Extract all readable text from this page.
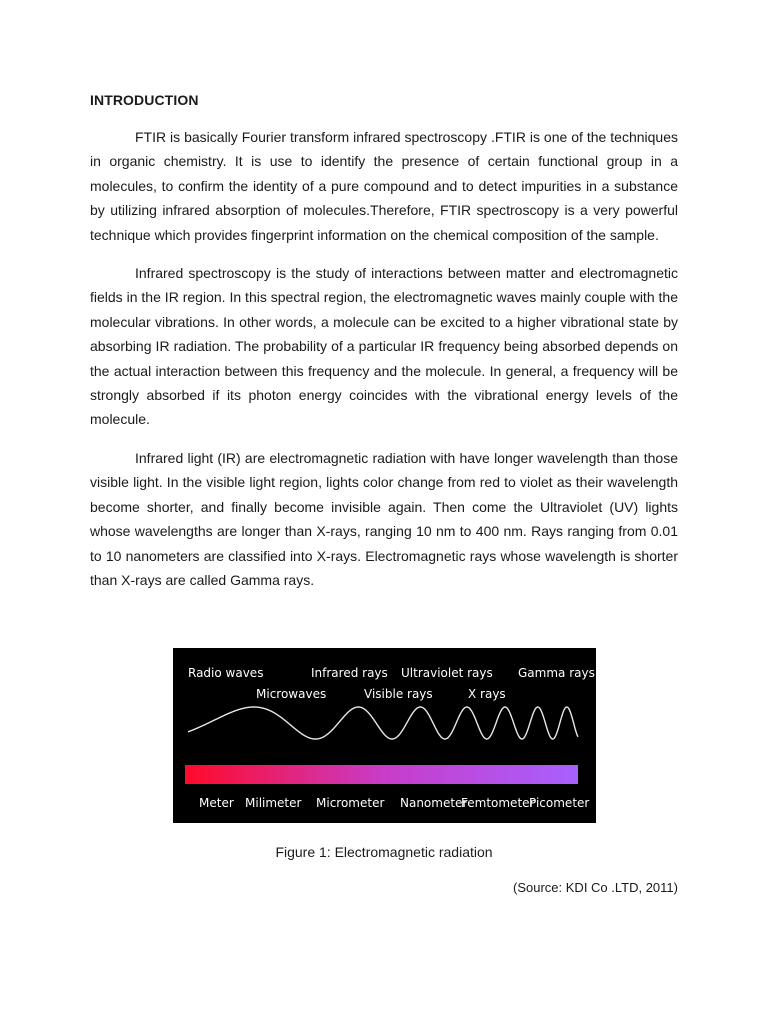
INTRODUCTION

FTIR is basically Fourier transform infrared spectroscopy .FTIR is one of the techniques in organic chemistry. It is use to identify the presence of certain functional group in a molecules, to confirm the identity of a pure compound and to detect impurities in a substance by utilizing infrared absorption of molecules.Therefore, FTIR spectroscopy is a very powerful technique which provides fingerprint information on the chemical composition of the sample.

Infrared spectroscopy is the study of interactions between matter and electromagnetic fields in the IR region. In this spectral region, the electromagnetic waves mainly couple with the molecular vibrations. In other words, a molecule can be excited to a higher vibrational state by absorbing IR radiation. The probability of a particular IR frequency being absorbed depends on the actual interaction between this frequency and the molecule. In general, a frequency will be strongly absorbed if its photon energy coincides with the vibrational energy levels of the molecule.

Infrared light (IR) are electromagnetic radiation with have longer wavelength than those visible light. In the visible light region, lights color change from red to violet as their wavelength become shorter, and finally become invisible again. Then come the Ultraviolet (UV) lights whose wavelengths are longer than X-rays, ranging 10 nm to 400 nm. Rays ranging from 0.01 to 10 nanometers are classified into X-rays. Electromagnetic rays whose wavelength is shorter than X-rays are called Gamma rays.

Radio waves	Infrared rays Ultraviolet rays Gamma rays
Microwaves	Visible rays	X rays
Meter Milimeter Micrometer Nanometer
Femtometer
Picometer
Figure 1: Electromagnetic radiation
(Source: KDI Co .LTD, 2011)
